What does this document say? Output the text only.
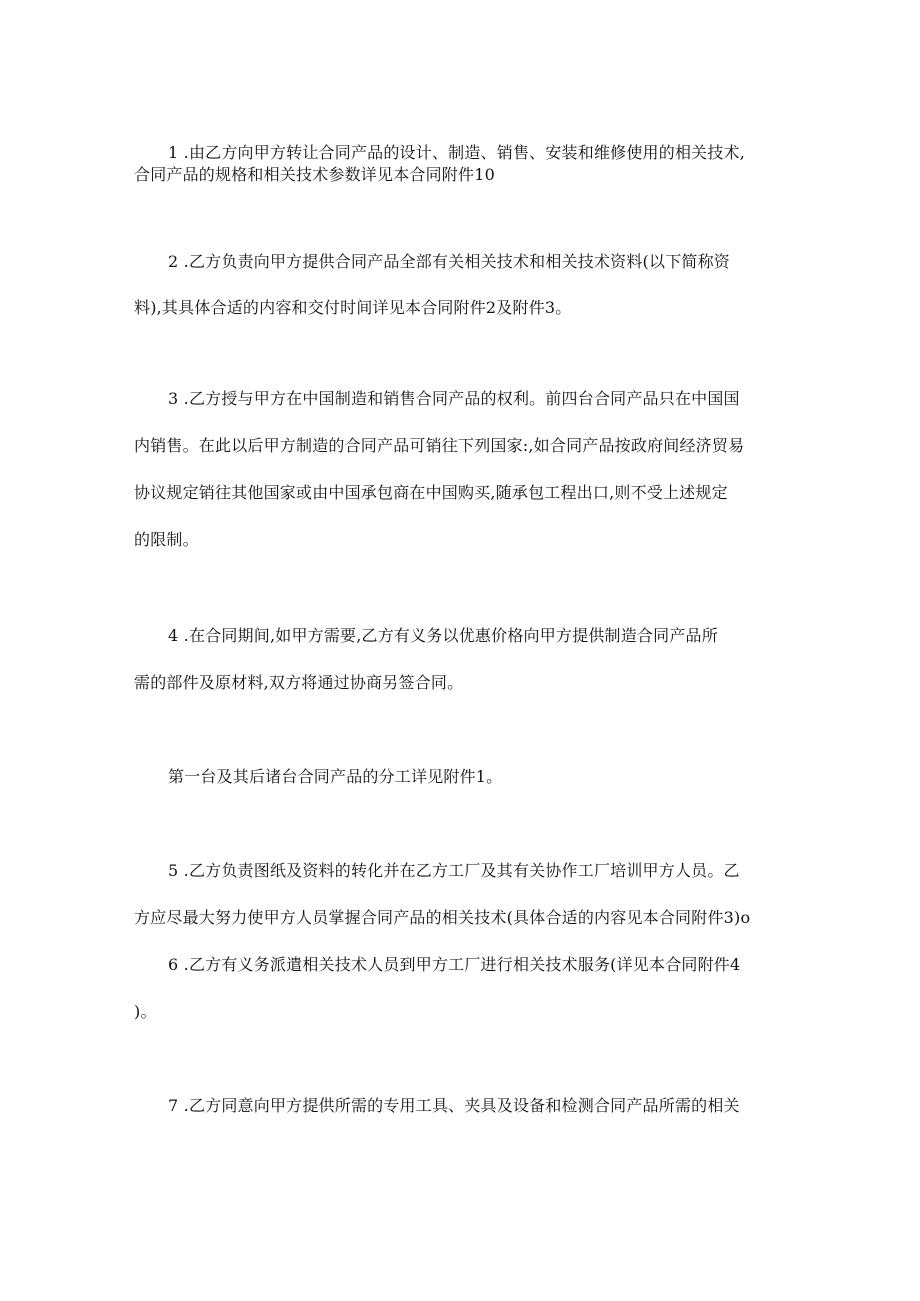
1 .由乙方向甲方转让合同产品的设计、制造、销售、安装和维修使用的相关技术,
合同产品的规格和相关技术参数详见本合同附件10
2 .乙方负责向甲方提供合同产品全部有关相关技术和相关技术资料(以下简称资
料),其具体合适的内容和交付时间详见本合同附件2及附件3。
3 .乙方授与甲方在中国制造和销售合同产品的权利。前四台合同产品只在中国国
内销售。在此以后甲方制造的合同产品可销往下列国家:,如合同产品按政府间经济贸易
协议规定销往其他国家或由中国承包商在中国购买,随承包工程出口,则不受上述规定
的限制。
4 .在合同期间,如甲方需要,乙方有义务以优惠价格向甲方提供制造合同产品所
需的部件及原材料,双方将通过协商另签合同。
第一台及其后诸台合同产品的分工详见附件1。
5 .乙方负责图纸及资料的转化并在乙方工厂及其有关协作工厂培训甲方人员。乙
方应尽最大努力使甲方人员掌握合同产品的相关技术(具体合适的内容见本合同附件3)o
6 .乙方有义务派遣相关技术人员到甲方工厂进行相关技术服务(详见本合同附件4
)。
7 .乙方同意向甲方提供所需的专用工具、夹具及设备和检测合同产品所需的相关
